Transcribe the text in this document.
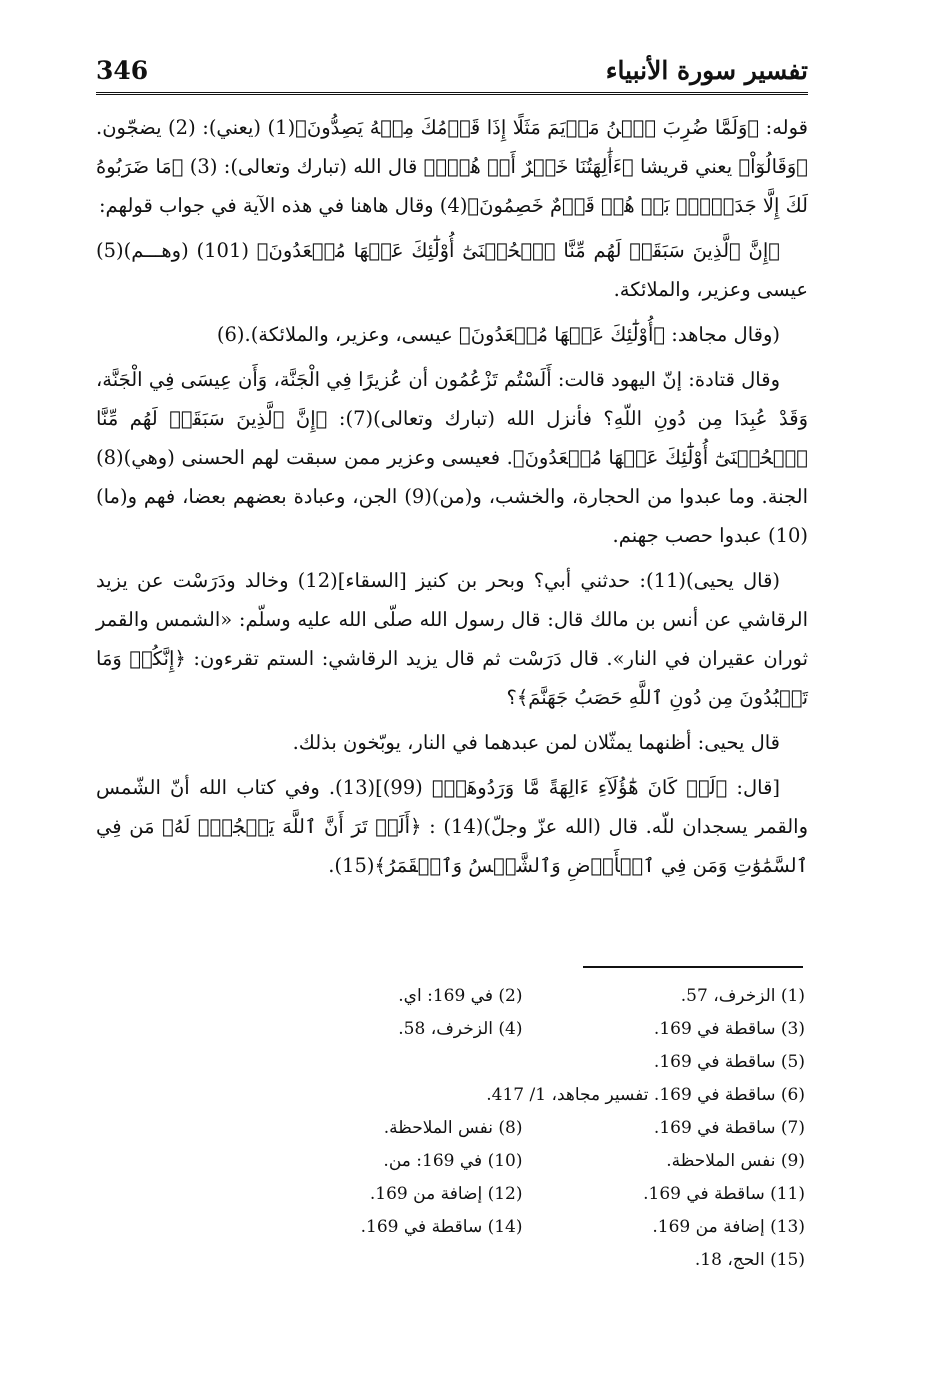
346	تفسير سورة الأنبياء

قوله: ﴿وَلَمَّا ضُرِبَ ٱبۡنُ مَرۡيَمَ مَثَلًا إِذَا قَوۡمُكَ مِنۡهُ يَصِدُّونَ﴾(1) (يعني): (2) يضجّون. ﴿وَقَالُوٓاْ﴾ يعني قريشا ﴿ءَأَٰلِهَتُنَا خَيۡرٌ أَمۡ هُوَۚ﴾ قال الله (تبارك وتعالى): (3) ﴿مَا ضَرَبُوهُ لَكَ إِلَّا جَدَلَۢاۚ بَلۡ هُمۡ قَوۡمٌ خَصِمُونَ﴾(4) وقال هاهنا في هذه الآية في جواب قولهم:

﴿إِنَّ ٱلَّذِينَ سَبَقَتۡ لَهُم مِّنَّا ٱلۡحُسۡنَىٰٓ أُوْلَٰٓئِكَ عَنۡهَا مُبۡعَدُونَ﴾ (101) (وهـــم)(5) عيسى وعزير، والملائكة.

(وقال مجاهد: ﴿أُوْلَٰٓئِكَ عَنۡهَا مُبۡعَدُونَ﴾ عيسى، وعزير، والملائكة).(6)

وقال قتادة: إنّ اليهود قالت: أَلَسْتُم تَزْعُمُون أن عُزيرًا فِي الْجَنَّة، وَأَن عِيسَى فِي الْجَنَّة، وَقَدْ عُبِدَا مِن دُونِ اللّهِ؟ فأنزل الله (تبارك وتعالى)(7): ﴿إِنَّ ٱلَّذِينَ سَبَقَتۡ لَهُم مِّنَّا ٱلۡحُسۡنَىٰٓ أُوْلَٰٓئِكَ عَنۡهَا مُبۡعَدُونَ﴾. فعيسى وعزير ممن سبقت لهم الحسنى (وهي)(8) الجنة. وما عبدوا من الحجارة، والخشب، و(من)(9) الجن، وعبادة بعضهم بعضا، فهم و(ما)(10) عبدوا حصب جهنم.

(قال يحيى)(11): حدثني أبي؟ وبحر بن كنيز [السقاء](12) وخالد ودَرَسْت عن يزيد الرقاشي عن أنس بن مالك قال: قال رسول الله صلّى الله عليه وسلّم: «الشمس والقمر ثوران عقيران في النار». قال دَرَسْت ثم قال يزيد الرقاشي: الستم تقرءون: ﴿إِنَّكُمۡ وَمَا تَعۡبُدُونَ مِن دُونِ ٱللَّهِ حَصَبُ جَهَنَّمَ﴾؟

قال يحيى: أظنهما يمثّلان لمن عبدهما في النار، يوبّخون بذلك.

[قال: ﴿لَوۡ كَانَ هَٰٓؤُلَآءِ ءَالِهَةً مَّا وَرَدُوهَاۖ﴾ (99)](13). وفي كتاب الله أنّ الشّمس والقمر يسجدان للّه. قال (الله عزّ وجلّ)(14) : ﴿أَلَمۡ تَرَ أَنَّ ٱللَّهَ يَسۡجُدُۤ لَهُۥ مَن فِي ٱلسَّمَٰوَٰتِ وَمَن فِي ٱلۡأَرۡضِ وَٱلشَّمۡسُ وَٱلۡقَمَرُ﴾(15).

(1) الزخرف، 57.
(2) في 169: اي.
(3) ساقطة في 169.
(4) الزخرف، 58.
(5) ساقطة في 169.
(6) ساقطة في 169. تفسير مجاهد، 1/ 417.
(7) ساقطة في 169.
(8) نفس الملاحظة.
(9) نفس الملاحظة.
(10) في 169: من.
(11) ساقطة في 169.
(12) إضافة من 169.
(13) إضافة من 169.
(14) ساقطة في 169.
(15) الحج، 18.
